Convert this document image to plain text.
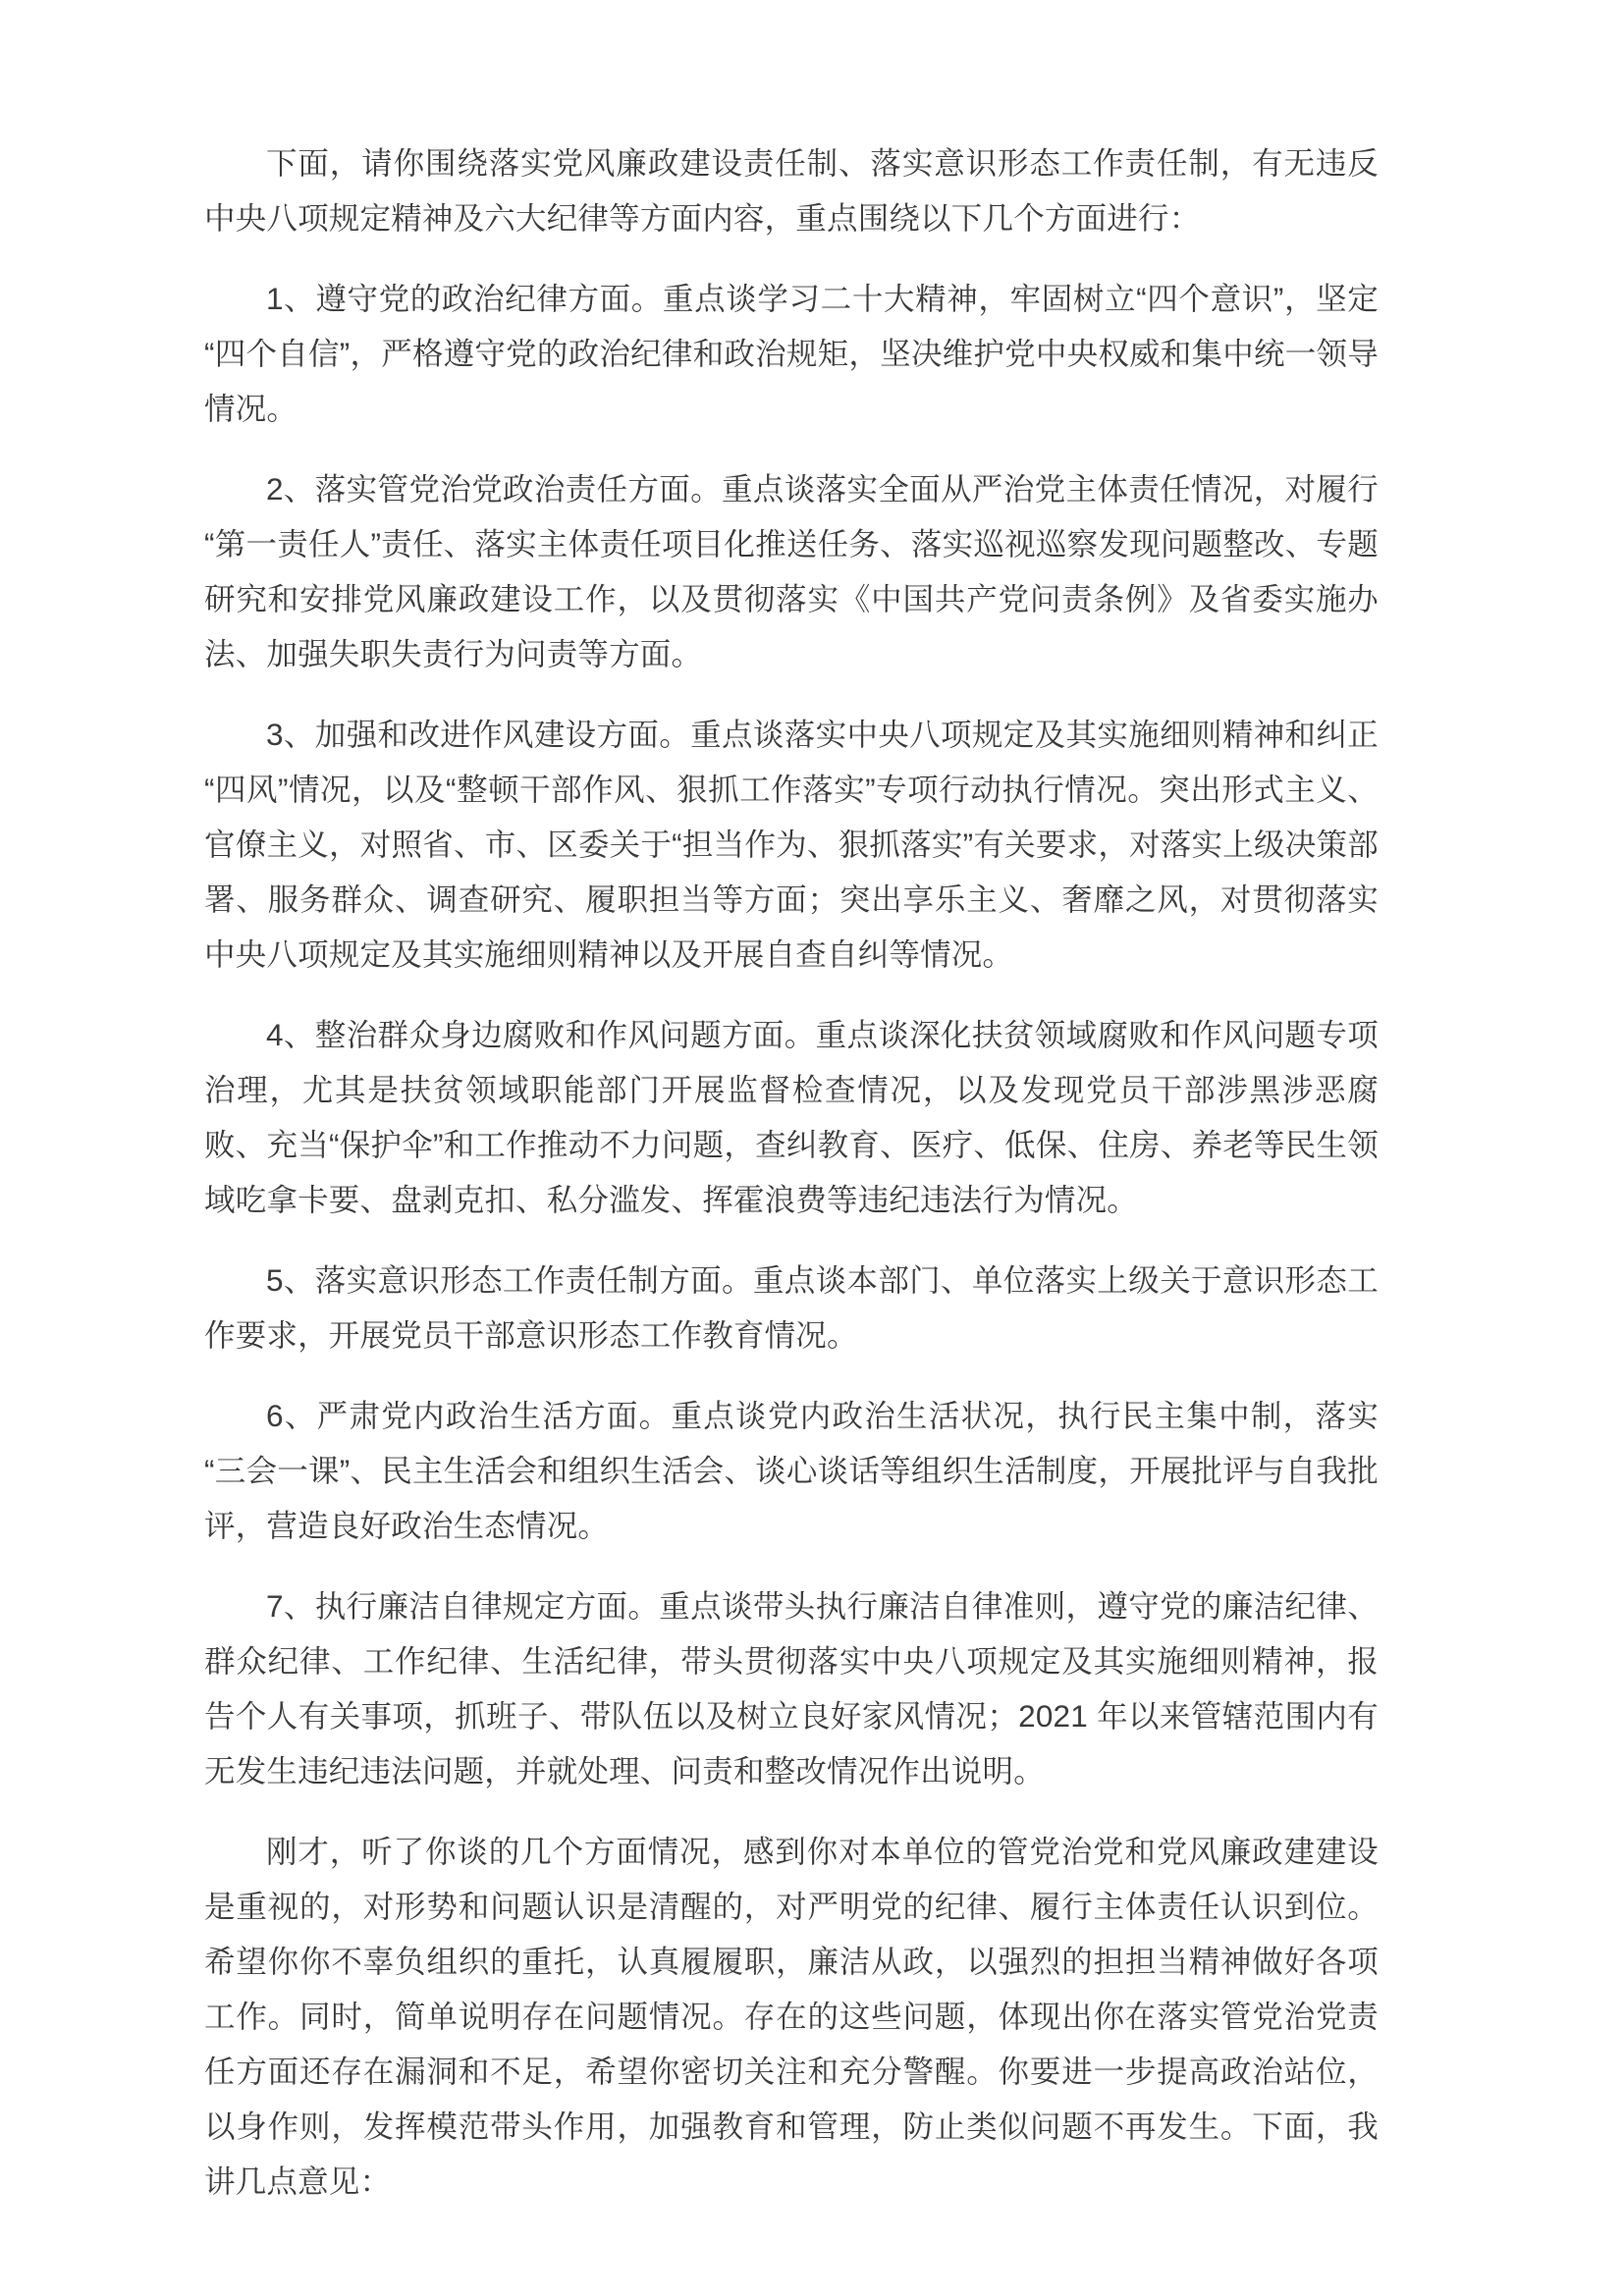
下面，请你围绕落实党风廉政建设责任制、落实意识形态工作责任制，有无违反中央八项规定精神及六大纪律等方面内容，重点围绕以下几个方面进行：

1、遵守党的政治纪律方面。重点谈学习二十大精神，牢固树立“四个意识”，坚定“四个自信”，严格遵守党的政治纪律和政治规矩，坚决维护党中央权威和集中统一领导情况。

2、落实管党治党政治责任方面。重点谈落实全面从严治党主体责任情况，对履行“第一责任人”责任、落实主体责任项目化推送任务、落实巡视巡察发现问题整改、专题研究和安排党风廉政建设工作，以及贯彻落实《中国共产党问责条例》及省委实施办法、加强失职失责行为问责等方面。

3、加强和改进作风建设方面。重点谈落实中央八项规定及其实施细则精神和纠正“四风”情况，以及“整顿干部作风、狠抓工作落实”专项行动执行情况。突出形式主义、官僚主义，对照省、市、区委关于“担当作为、狠抓落实”有关要求，对落实上级决策部署、服务群众、调查研究、履职担当等方面；突出享乐主义、奢靡之风，对贯彻落实中央八项规定及其实施细则精神以及开展自查自纠等情况。

4、整治群众身边腐败和作风问题方面。重点谈深化扶贫领域腐败和作风问题专项治理，尤其是扶贫领域职能部门开展监督检查情况，以及发现党员干部涉黑涉恶腐败、充当“保护伞”和工作推动不力问题，查纠教育、医疗、低保、住房、养老等民生领域吃拿卡要、盘剥克扣、私分滥发、挥霍浪费等违纪违法行为情况。

5、落实意识形态工作责任制方面。重点谈本部门、单位落实上级关于意识形态工作要求，开展党员干部意识形态工作教育情况。

6、严肃党内政治生活方面。重点谈党内政治生活状况，执行民主集中制，落实“三会一课”、民主生活会和组织生活会、谈心谈话等组织生活制度，开展批评与自我批评，营造良好政治生态情况。

7、执行廉洁自律规定方面。重点谈带头执行廉洁自律准则，遵守党的廉洁纪律、群众纪律、工作纪律、生活纪律，带头贯彻落实中央八项规定及其实施细则精神，报告个人有关事项，抓班子、带队伍以及树立良好家风情况；2021 年以来管辖范围内有无发生违纪违法问题，并就处理、问责和整改情况作出说明。

刚才，听了你谈的几个方面情况，感到你对本单位的管党治党和党风廉政建建设是重视的，对形势和问题认识是清醒的，对严明党的纪律、履行主体责任认识到位。希望你你不辜负组织的重托，认真履履职，廉洁从政，以强烈的担担当精神做好各项工作。同时，简单说明存在问题情况。存在的这些问题，体现出你在落实管党治党责任方面还存在漏洞和不足，希望你密切关注和充分警醒。你要进一步提高政治站位，以身作则，发挥模范带头作用，加强教育和管理，防止类似问题不再发生。下面，我讲几点意见：
